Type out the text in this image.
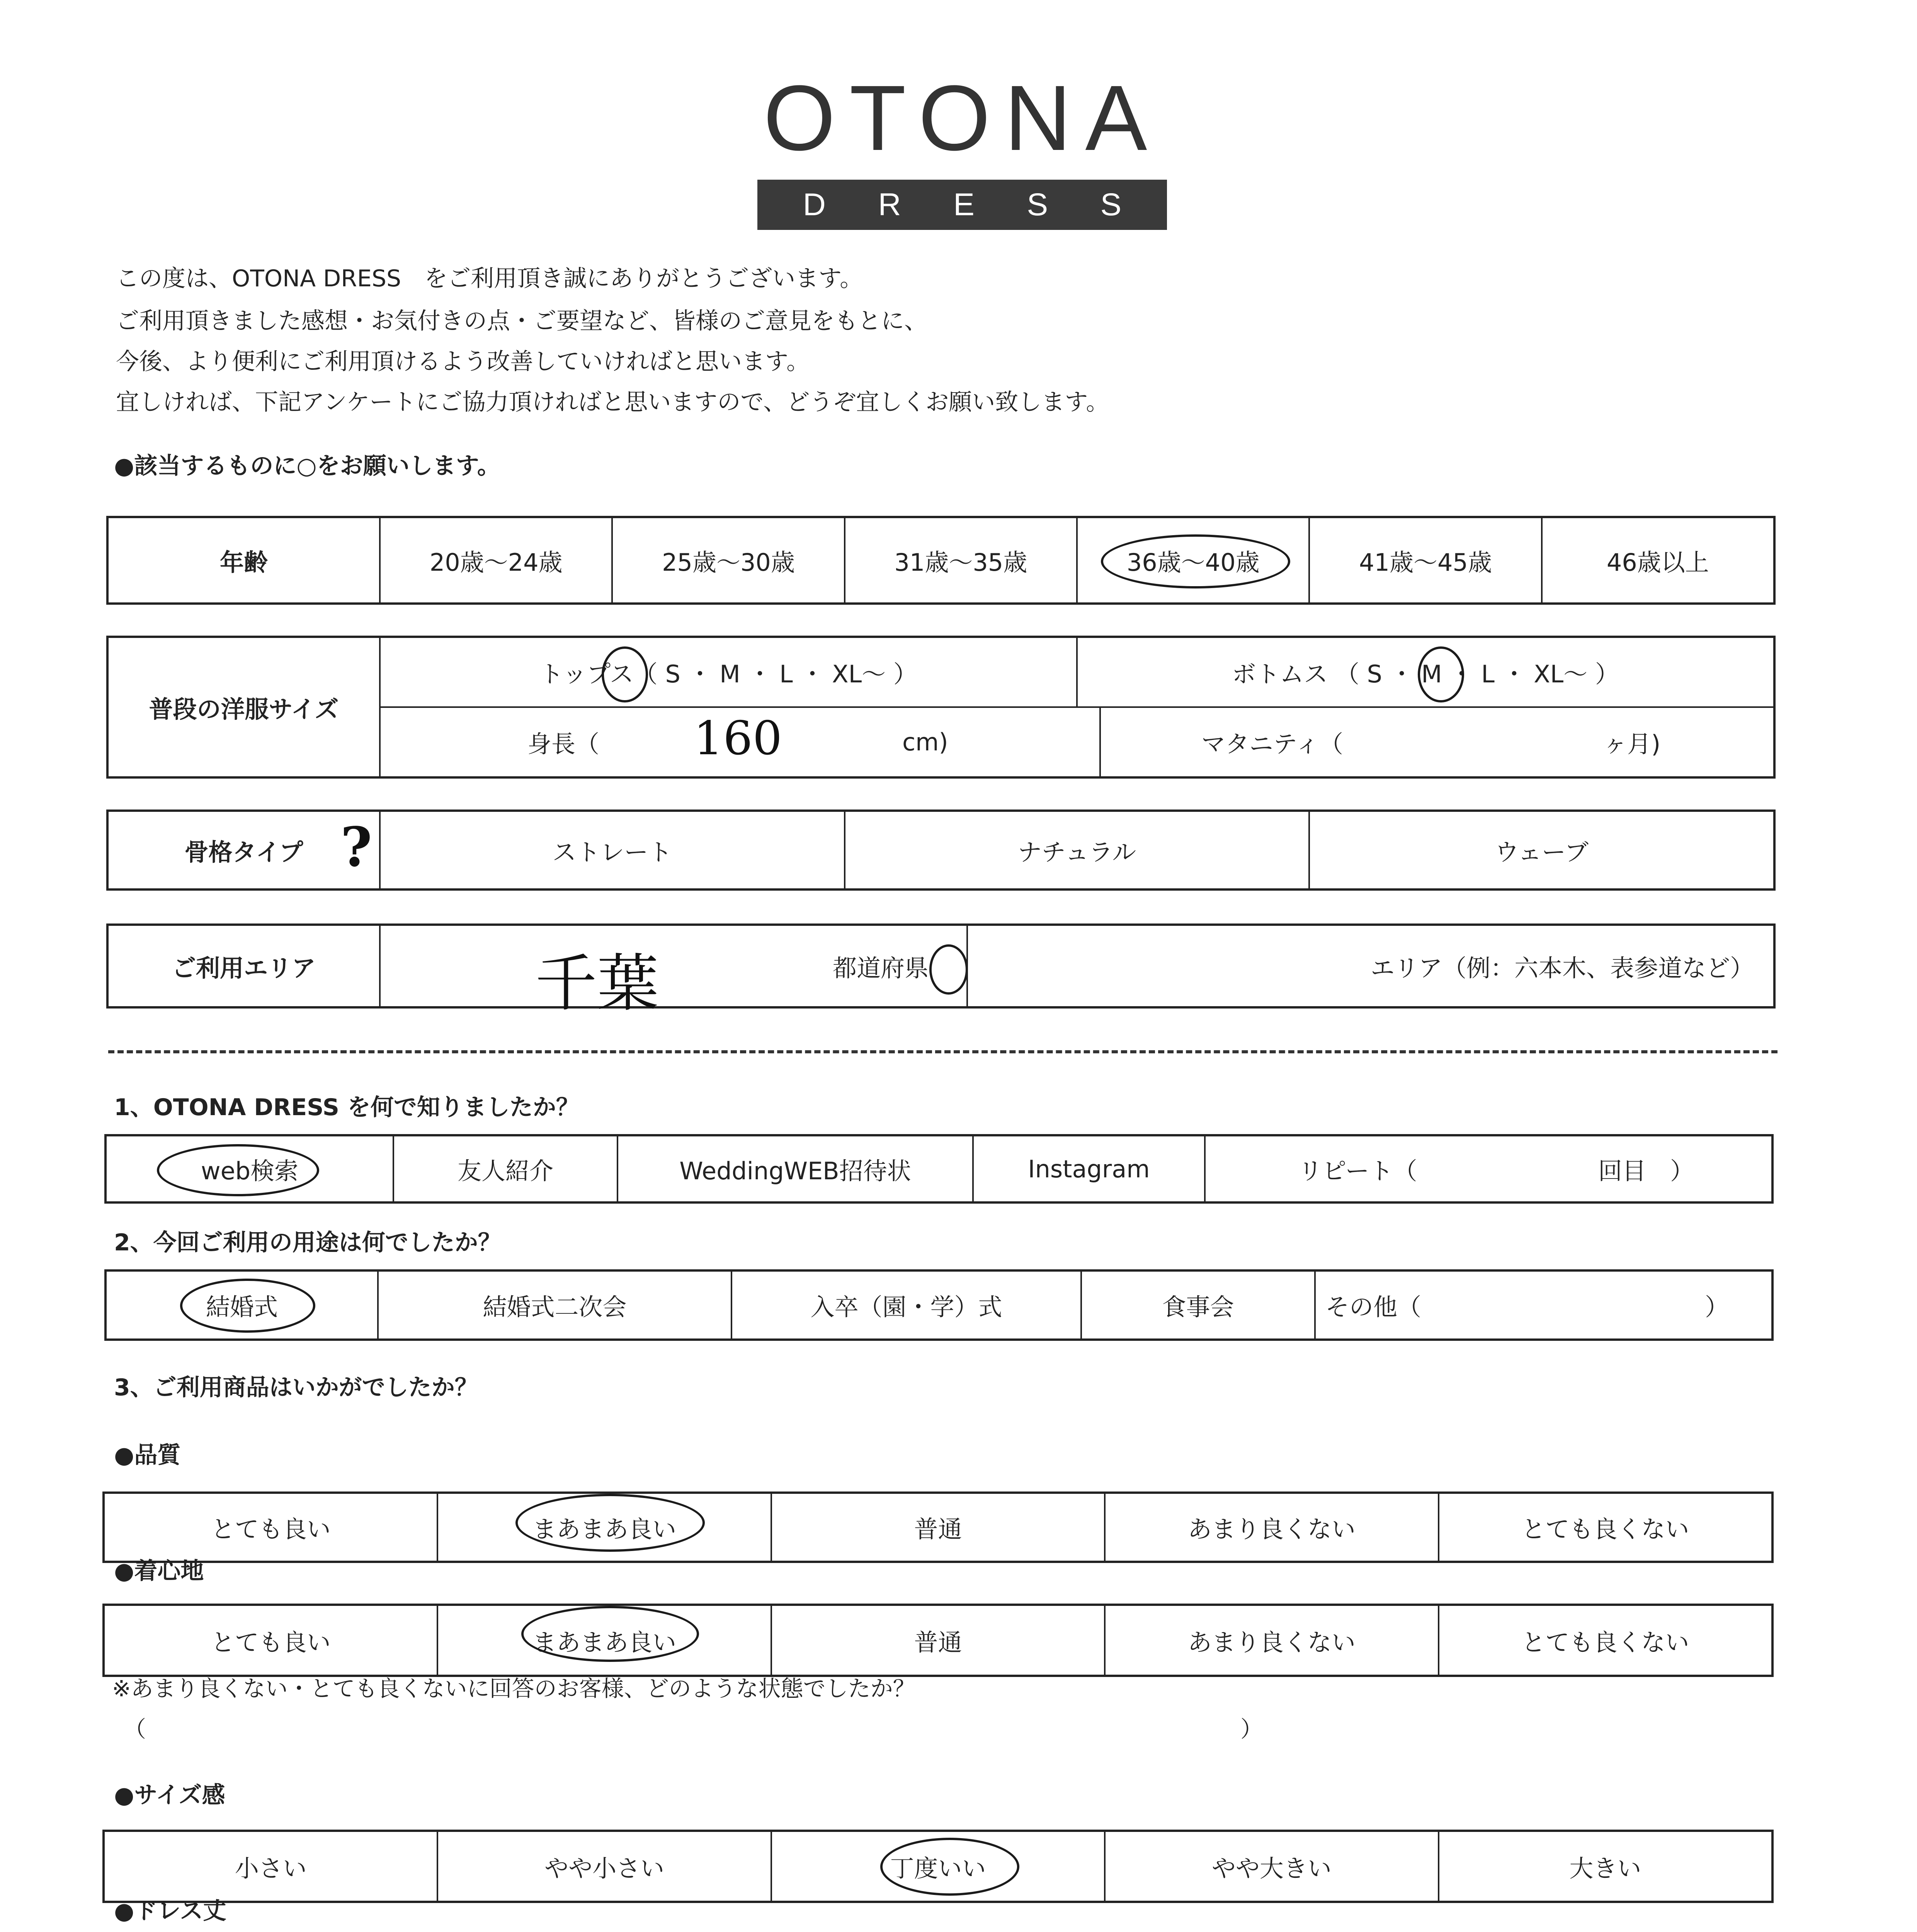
OTONA
D R E S S
この度は、OTONA DRESS　をご利用頂き誠にありがとうございます。
ご利用頂きました感想・お気付きの点・ご要望など、皆様のご意見をもとに、
今後、より便利にご利用頂けるよう改善していければと思います。
宜しければ、下記アンケートにご協力頂ければと思いますので、どうぞ宜しくお願い致します。
●該当するものに○をお願いします。
年齢	20歳〜24歳	25歳〜30歳	31歳〜35歳	36歳〜40歳	41歳〜45歳	46歳以上
普段の洋服サイズ
トップス（ S ・ M ・ L ・ XL〜 ）	ボトムス （ S ・ M ・ L ・ XL〜 ）
身長（ 160	cm)	マタニティ（	ヶ月)
骨格タイプ ?	ストレート	ナチュラル	ウェーブ
ご利用エリア	千葉	都道府県	エリア（例：六本木、表参道など）
1、OTONA DRESS を何で知りましたか？
web検索	友人紹介	WeddingWEB招待状	Instagram	リピート（	回目　）
2、今回ご利用の用途は何でしたか？
結婚式	結婚式二次会	入卒（園・学）式	食事会	その他（	）
3、ご利用商品はいかがでしたか？
●品質
とても良い	まあまあ良い	普通	あまり良くない	とても良くない
●着心地
とても良い	まあまあ良い	普通	あまり良くない	とても良くない
※あまり良くない・とても良くないに回答のお客様、どのような状態でしたか？
（	）
●サイズ感
小さい	やや小さい	丁度いい	やや大きい	大きい
●ドレス丈
